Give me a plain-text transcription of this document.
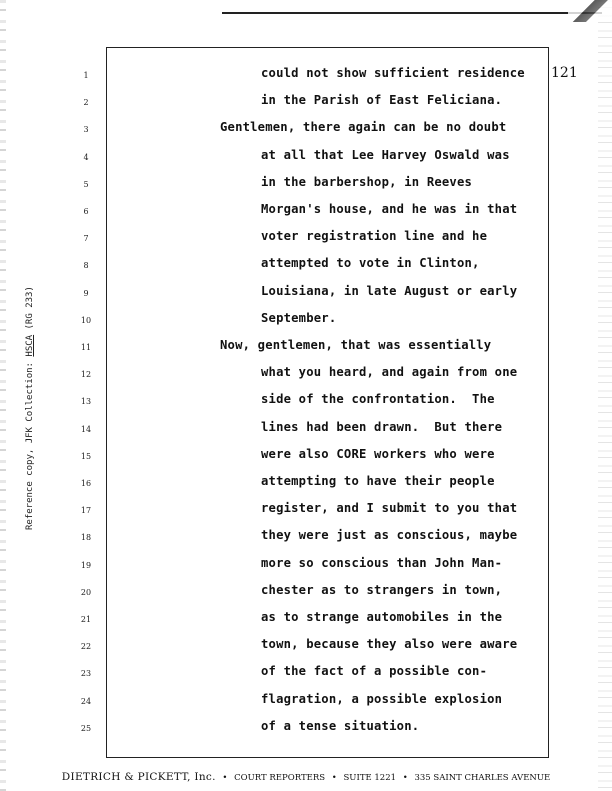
121
1
2
3
4
5
6
7
8
9
10
11
12
13
14
15
16
17
18
19
20
21
22
23
24
25
could not show sufficient residence
in the Parish of East Feliciana.
Gentlemen, there again can be no doubt
at all that Lee Harvey Oswald was
in the barbershop, in Reeves
Morgan's house, and he was in that
voter registration line and he
attempted to vote in Clinton,
Louisiana, in late August or early
September.
Now, gentlemen, that was essentially
what you heard, and again from one
side of the confrontation.  The
lines had been drawn.  But there
were also CORE workers who were
attempting to have their people
register, and I submit to you that
they were just as conscious, maybe
more so conscious than John Man-
chester as to strangers in town,
as to strange automobiles in the
town, because they also were aware
of the fact of a possible con-
flagration, a possible explosion
of a tense situation.
Reference copy, JFK Collection: HSCA (RG 233)
DIETRICH & PICKETT, Inc. • COURT REPORTERS • SUITE 1221 • 335 SAINT CHARLES AVENUE
